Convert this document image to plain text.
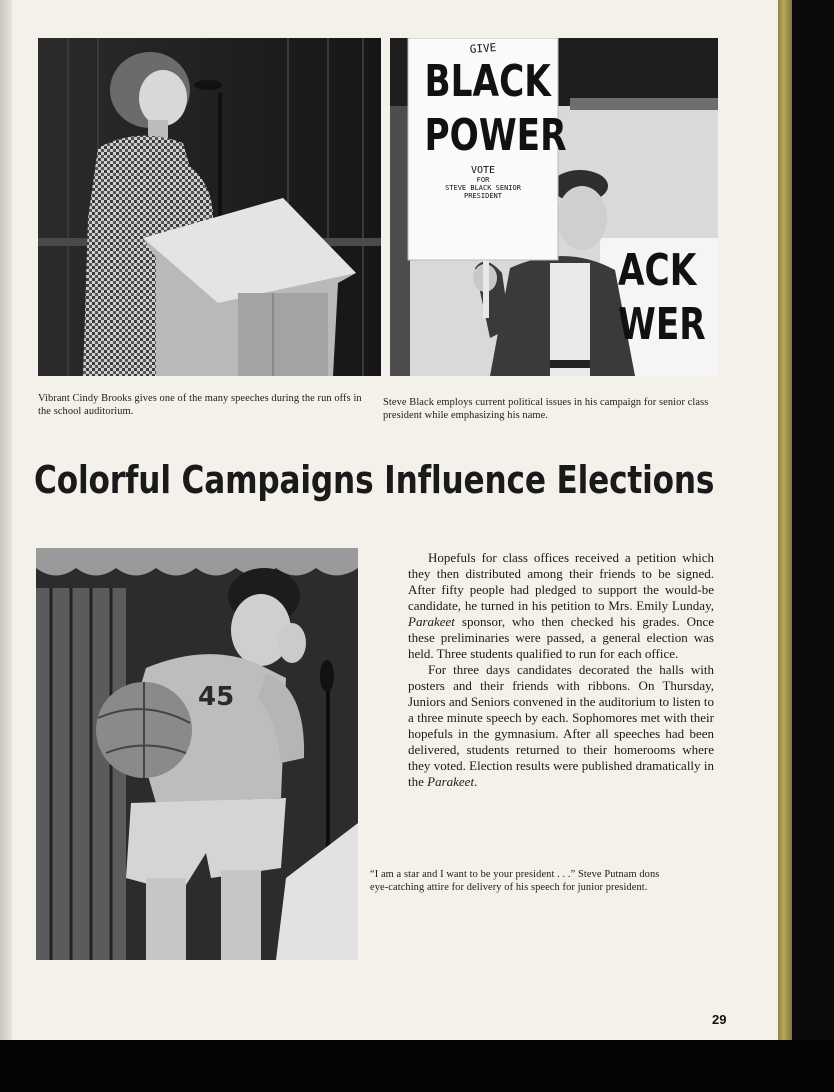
GIVE
BLACK
POWER
VOTE
FOR
STEVE BLACK SENIOR
PRESIDENT
ACK
WER
Vibrant Cindy Brooks gives one of the many speeches during the run offs in the school auditorium.
Steve Black employs current political issues in his campaign for senior class president while emphasizing his name.
Colorful Campaigns Influence Elections
45

Hopefuls for class offices received a petition which they then distributed among their friends to be signed. After fifty people had pledged to support the would-be candidate, he turned in his petition to Mrs. Emily Lunday, Parakeet sponsor, who then checked his grades. Once these preliminaries were passed, a general election was held. Three students qualified to run for each office.

For three days candidates decorated the halls with posters and their friends with ribbons. On Thursday, Juniors and Seniors convened in the auditorium to listen to a three minute speech by each. Sophomores met with their hopefuls in the gymnasium. After all speeches had been delivered, students returned to their homerooms where they voted. Election results were published dramatically in the Parakeet.

“I am a star and I want to be your president . . .” Steve Putnam dons eye-catching attire for delivery of his speech for junior president.
29
